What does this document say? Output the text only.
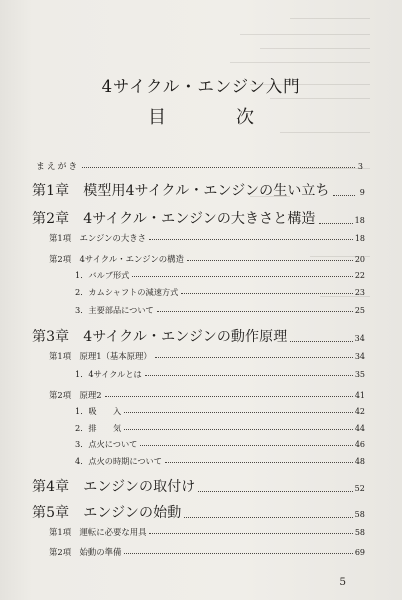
4サイクル・エンジン入門
目　次
まえがき	3
第1章　模型用4サイクル・エンジンの生い立ち	9
第2章　4サイクル・エンジンの大きさと構造	18
第1項　エンジンの大きさ	18
第2項　4サイクル・エンジンの構造	20
1．バルブ形式	22
2．カムシャフトの減速方式	23
3．主要部品について	25
第3章　4サイクル・エンジンの動作原理	34
第1項　原理1（基本原理）	34
1．4サイクルとは	35
第2項　原理2	41
1．吸　　入	42
2．排　　気	44
3．点火について	46
4．点火の時期について	48
第4章　エンジンの取付け	52
第5章　エンジンの始動	58
第1項　運転に必要な用具	58
第2項　始動の準備	69
5
